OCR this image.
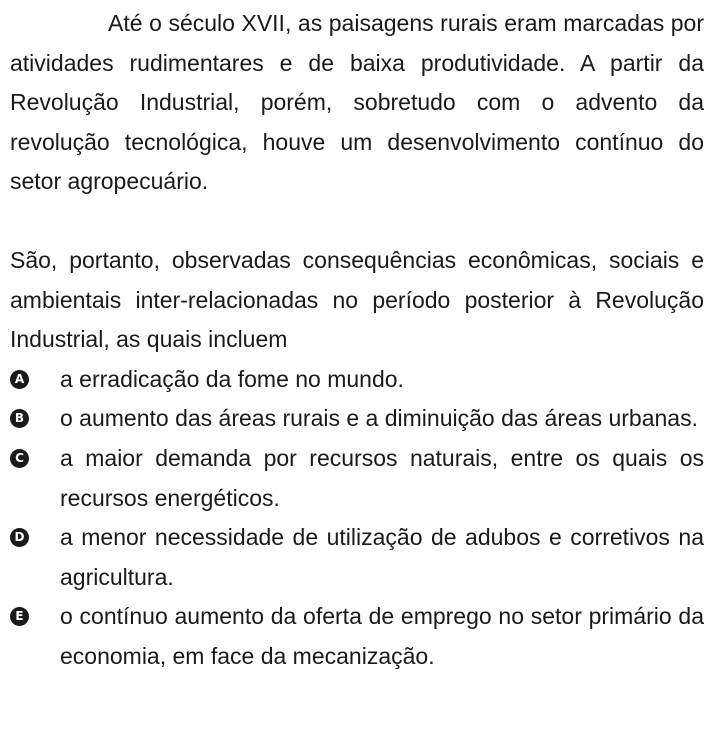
Até o século XVII, as paisagens rurais eram marcadas por atividades rudimentares e de baixa produtividade. A partir da Revolução Industrial, porém, sobretudo com o advento da revolução tecnológica, houve um desenvolvimento contínuo do setor agropecuário.

São, portanto, observadas consequências econômicas, sociais e ambientais inter-relacionadas no período posterior à Revolução Industrial, as quais incluem

A a erradicação da fome no mundo.
B o aumento das áreas rurais e a diminuição das áreas urbanas.
C a maior demanda por recursos naturais, entre os quais os recursos energéticos.
D a menor necessidade de utilização de adubos e corretivos na agricultura.
E o contínuo aumento da oferta de emprego no setor primário da economia, em face da mecanização.
